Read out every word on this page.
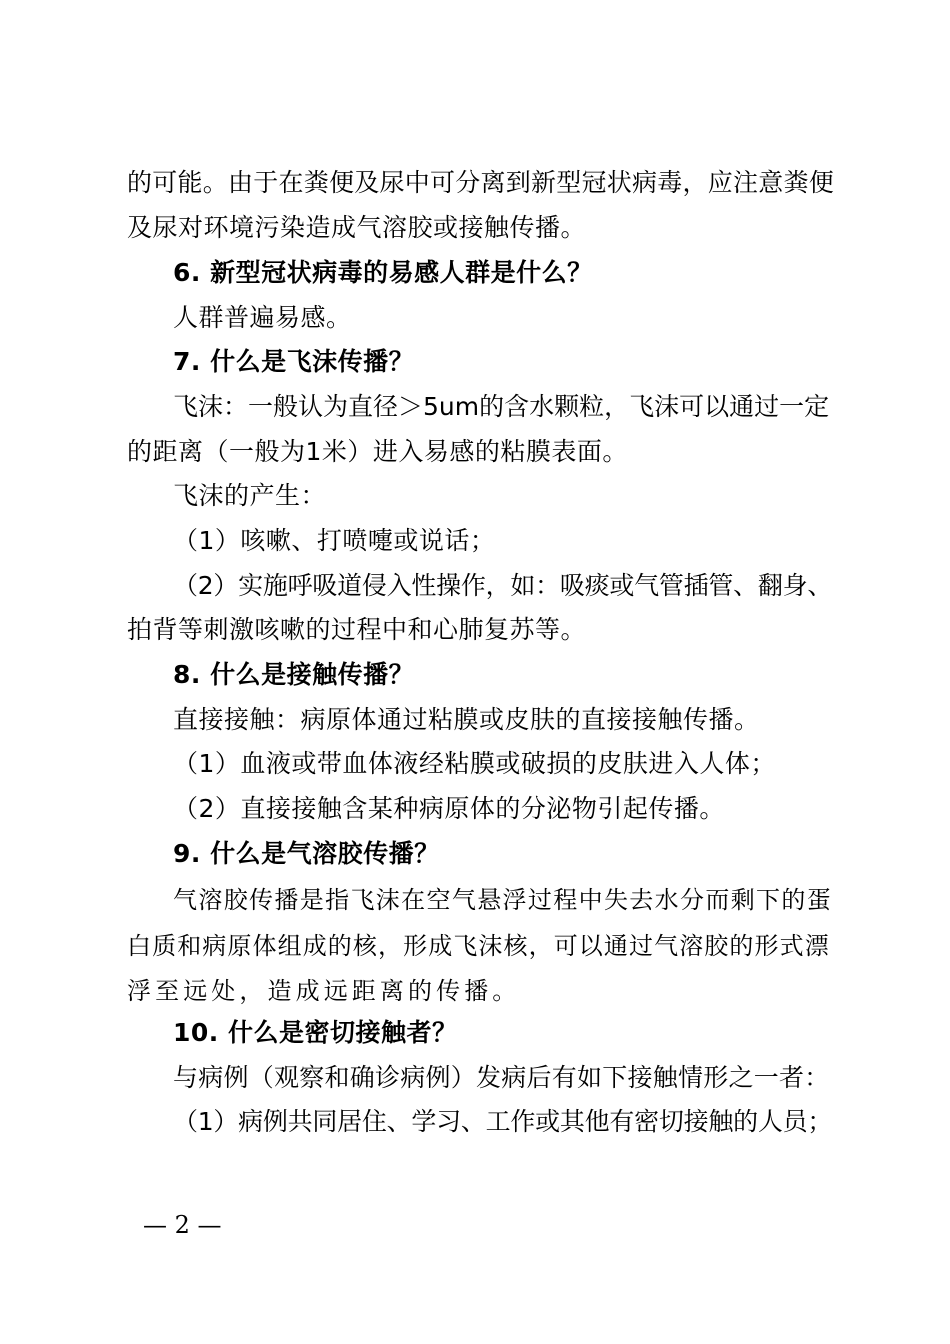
的可能。由于在粪便及尿中可分离到新型冠状病毒，应注意粪便
及尿对环境污染造成气溶胶或接触传播。
6. 新型冠状病毒的易感人群是什么？
人群普遍易感。
7. 什么是飞沫传播？
飞沫：一般认为直径＞5um的含水颗粒，飞沫可以通过一定
的距离（一般为1米）进入易感的粘膜表面。
飞沫的产生：
（1）咳嗽、打喷嚏或说话；
（2）实施呼吸道侵入性操作，如：吸痰或气管插管、翻身、
拍背等刺激咳嗽的过程中和心肺复苏等。
8. 什么是接触传播？
直接接触：病原体通过粘膜或皮肤的直接接触传播。
（1）血液或带血体液经粘膜或破损的皮肤进入人体；
（2）直接接触含某种病原体的分泌物引起传播。
9. 什么是气溶胶传播？
气溶胶传播是指飞沫在空气悬浮过程中失去水分而剩下的蛋
白质和病原体组成的核，形成飞沫核，可以通过气溶胶的形式漂
浮至远处，造成远距离的传播。
10. 什么是密切接触者？
与病例（观察和确诊病例）发病后有如下接触情形之一者：
（1）病例共同居住、学习、工作或其他有密切接触的人员；
— 2 —
